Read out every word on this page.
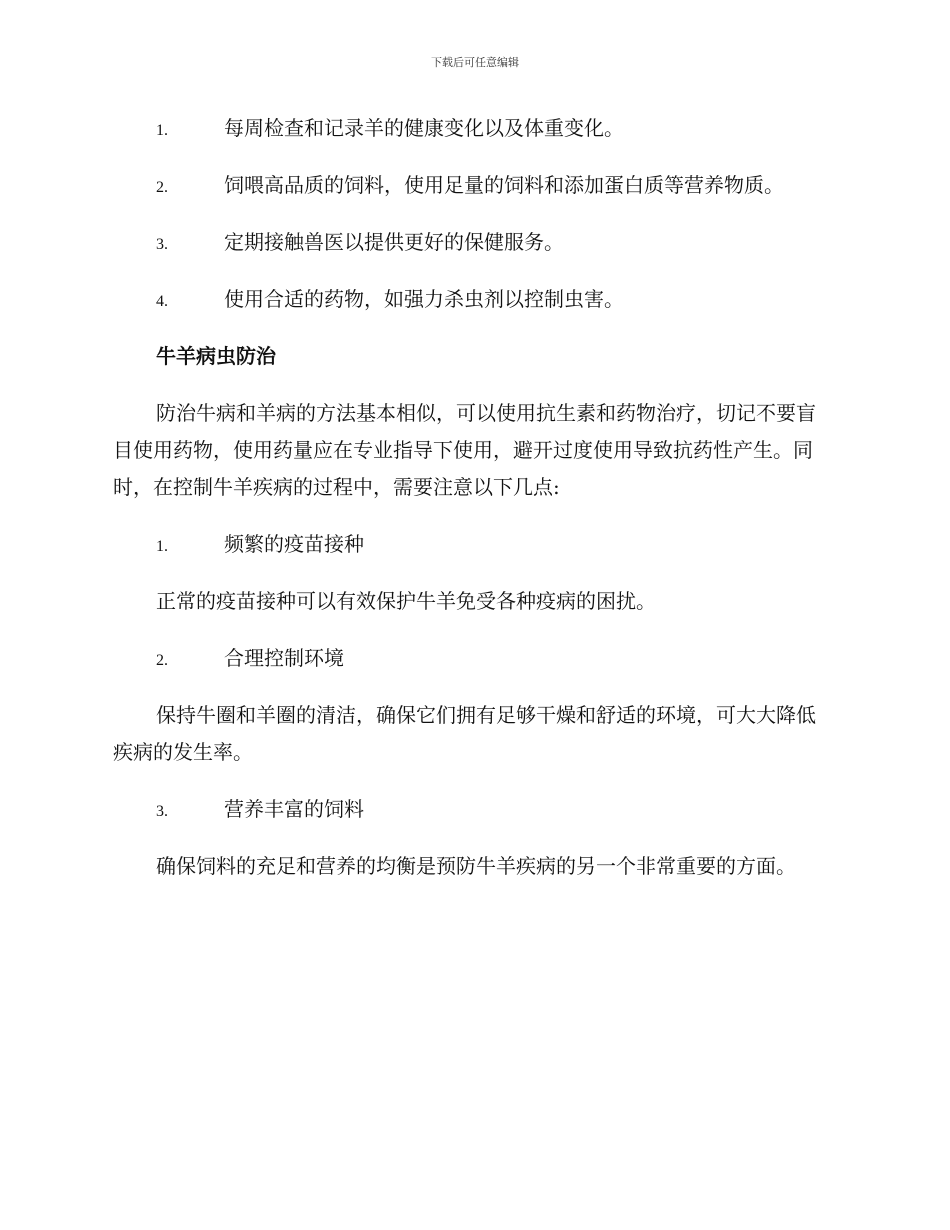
下载后可任意编辑
1.	每周检查和记录羊的健康变化以及体重变化。
2.	饲喂高品质的饲料，使用足量的饲料和添加蛋白质等营养物质。
3.	定期接触兽医以提供更好的保健服务。
4.	使用合适的药物，如强力杀虫剂以控制虫害。
牛羊病虫防治

防治牛病和羊病的方法基本相似，可以使用抗生素和药物治疗，切记不要盲目使用药物，使用药量应在专业指导下使用，避开过度使用导致抗药性产生。同时，在控制牛羊疾病的过程中，需要注意以下几点:

1.	频繁的疫苗接种

正常的疫苗接种可以有效保护牛羊免受各种疫病的困扰。

2.	合理控制环境

保持牛圈和羊圈的清洁，确保它们拥有足够干燥和舒适的环境，可大大降低疾病的发生率。

3.	营养丰富的饲料

确保饲料的充足和营养的均衡是预防牛羊疾病的另一个非常重要的方面。
